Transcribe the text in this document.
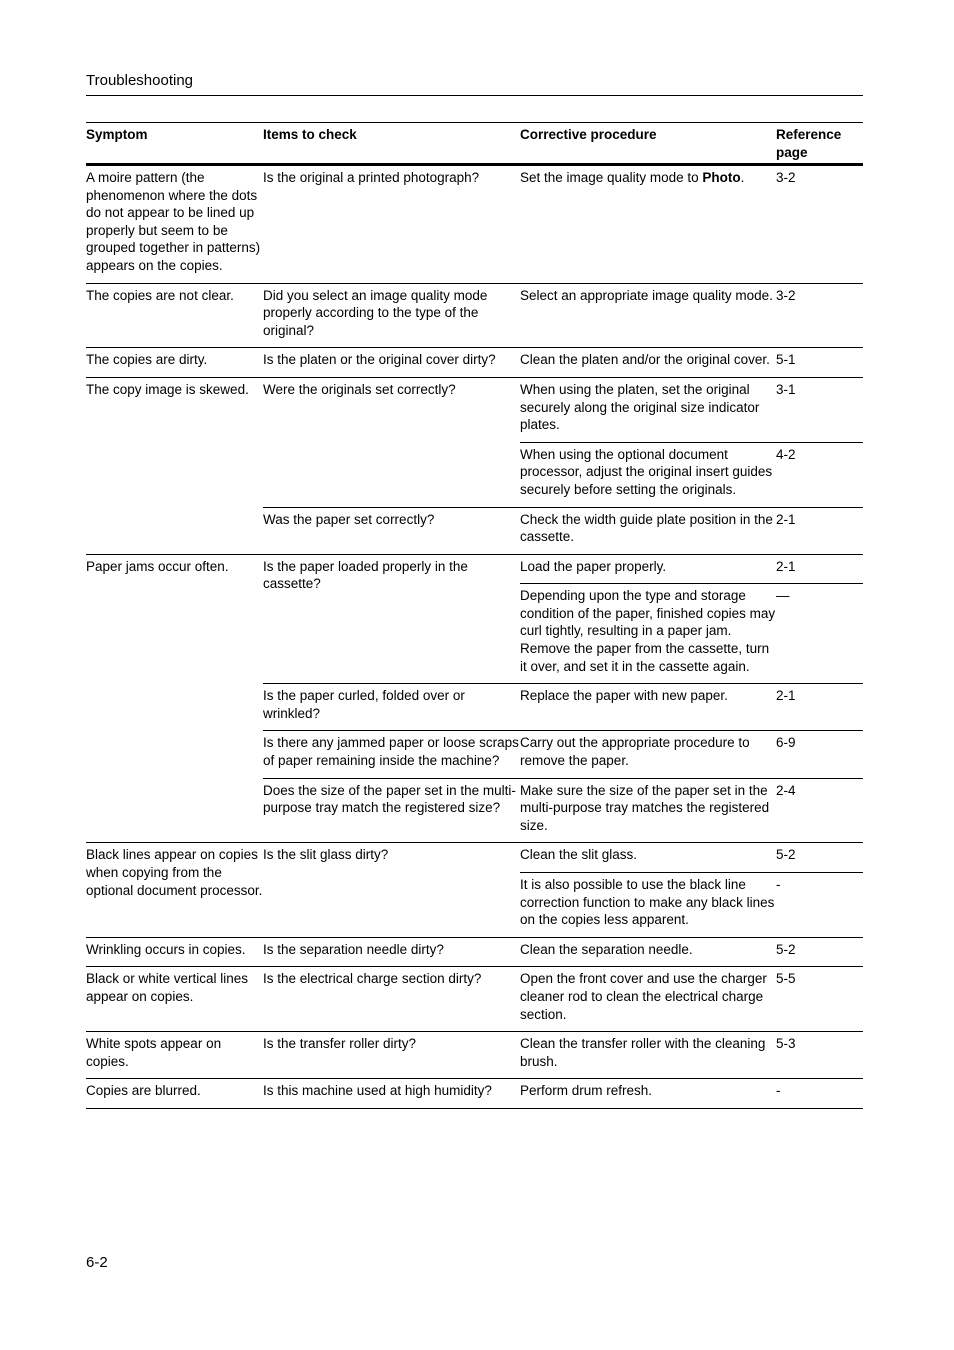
Troubleshooting
Symptom	Items to check	Corrective procedure	Reference
page
A moire pattern (the phenomenon where the dots do not appear to be lined up properly but seem to be grouped together in patterns) appears on the copies.	Is the original a printed photograph?	Set the image quality mode to Photo.	3-2
The copies are not clear.	Did you select an image quality mode properly according to the type of the original?	Select an appropriate image quality mode.	3-2
The copies are dirty.	Is the platen or the original cover dirty?	Clean the platen and/or the original cover.	5-1
The copy image is skewed.	Were the originals set correctly?	When using the platen, set the original securely along the original size indicator plates.	3-1
		When using the optional document processor, adjust the original insert guides securely before setting the originals.	4-2
	Was the paper set correctly?	Check the width guide plate position in the cassette.	2-1
Paper jams occur often.	Is the paper loaded properly in the cassette?	Load the paper properly.	2-1
		Depending upon the type and storage condition of the paper, finished copies may curl tightly, resulting in a paper jam. Remove the paper from the cassette, turn it over, and set it in the cassette again.	—
	Is the paper curled, folded over or wrinkled?	Replace the paper with new paper.	2-1
	Is there any jammed paper or loose scraps of paper remaining inside the machine?	Carry out the appropriate procedure to remove the paper.	6-9
	Does the size of the paper set in the multi-purpose tray match the registered size?	Make sure the size of the paper set in the multi-purpose tray matches the registered size.	2-4
Black lines appear on copies when copying from the optional document processor.	Is the slit glass dirty?	Clean the slit glass.	5-2
		It is also possible to use the black line correction function to make any black lines on the copies less apparent.	-
Wrinkling occurs in copies.	Is the separation needle dirty?	Clean the separation needle.	5-2
Black or white vertical lines appear on copies.	Is the electrical charge section dirty?	Open the front cover and use the charger cleaner rod to clean the electrical charge section.	5-5
White spots appear on copies.	Is the transfer roller dirty?	Clean the transfer roller with the cleaning brush.	5-3
Copies are blurred.	Is this machine used at high humidity?	Perform drum refresh.	-
6-2
